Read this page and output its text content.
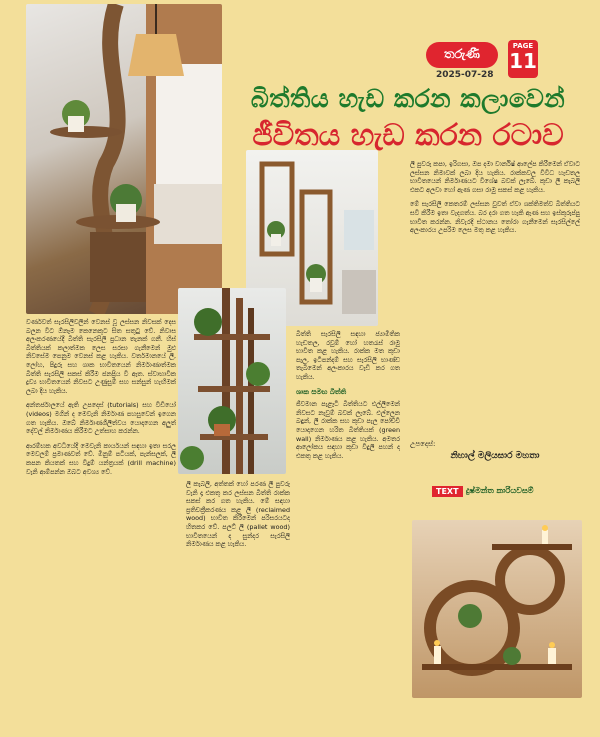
තරුණී
2025-07-28
PAGE
11
බිත්තිය හැඩ කරන කලාවෙන්
ජීවිතය හැඩ කරන රටාව

වර්ණවත් සැරසිලිවලින් වෙනස් වූ ලස්සන නිවසක් දෙස බලන විට ඕනෑම කෙනෙකුට සිත සතුටු වේ. නිවාස අලංකරණයේදී බිත්ති සැරසිලි ප්‍රධාන තැනක් ගනී. හිස් බිත්තියක් කලාත්මක ලෙස සරසා ගැනීමෙන් මුළු නිවසේම පෙනුම වෙනස් කළ හැකිය. වර්තමානයේ ලී, ලෝහ, පිදුරු සහ ශාක භාවිතයෙන් නිර්මාණාත්මක බිත්ති සැරසිලි සකස් කිරීම ජනප්‍රිය වී ඇත. ස්වාභාවික ද්‍රව්‍ය භාවිතයෙන් නිවසට උණුසුම් සහ සන්සුන් හැඟීමක් ලබා දිය හැකිය.

අන්තර්ජාලයේ ඇති උපදෙස් (tutorials) සහ වීඩියෝ (videos) මගින් ද මෙවැනි නිර්මාණ පහසුවෙන් ඉගෙන ගත හැකිය. ඔබේ නිර්මාණශීලීත්වය යොදාගෙන අලුත් දේවල් නිර්මාණය කිරීමට උත්සාහ කරන්න.

ආරම්භක අවධියේදී මෙවැනි කාර්යයන් සඳහා ඉතා සරල මෙවලම් ප්‍රමාණවත් වේ. මිනුම් පටියක්, පැන්සලක්, ලී කපන කියතක් සහ විදුම් යන්ත්‍රයක් (drill machine) වැනි ආම්පන්න ඔබට අවශ්‍ය වේ.

ලී කැබලි, අත්තක් හෝ පරණ ලී පුවරු වැනි දෑ එකතු කර ලස්සන බිත්ති රාක්ක සකස් කර ගත හැකිය. මේ සඳහා ප්‍රතිචක්‍රීකරණය කළ ලී (reclaimed wood) භාවිත කිරීමෙන් පරිසරයටද හිතකර වේ. පලට් ලී (pallet wood) භාවිතයෙන් ද සුන්දර සැරසිලි නිර්මාණය කළ හැකිය.

බිත්ති සැරසිලි සඳහා ජ්‍යාමිතික හැඩතල, රවුම් හෝ හතරැස් රාමු භාවිත කළ හැකිය. රාක්ක මත කුඩා පැල, ඉටිපන්දම් සහ සැරසිලි භාණ්ඩ තැබීමෙන් අලංකාරය වැඩි කර ගත හැකිය.

ශාක සමඟ බිත්ති

ජීවමාන පැළෑටි බිත්තියට එල්ලීමෙන් නිවසට නැවුම් බවක් ලැබේ. එල්ලෙන බඳුන්, ලී රාක්ක සහ කුඩා පැල පෝච්චි යොදාගෙන හරිත බිත්තියක් (green wall) නිර්මාණය කළ හැකිය. අමතර ආලෝකය සඳහා කුඩා විදුලි පහන් ද එකතු කළ හැකිය.

ලී පුවරු කපා, ඉරිගසා, ඔප දමා වාර්නිෂ් ආලේප කිරීමෙන් ඒවාට ලස්සන නිමාවක් ලබා දිය හැකිය. රාක්කවල විවිධ හැඩතල භාවිතයෙන් නිර්මාණයට විශේෂ බවක් ලැබේ. කුඩා ලී කැබලි එකට අලවා හෝ ඇණ ගසා රාමු සකස් කළ හැකිය.

මේ සැරසිලි කෙතරම් ලස්සන වුවත් ඒවා ශක්තිමත්ව බිත්තියට සවි කිරීම ඉතා වැදගත්ය. බර දරා ගත හැකි ඇණ සහ ඉස්කුරුප්පු භාවිත කරන්න. නිවැරදි ස්ථානය තෝරා ගැනීමෙන් සැරසිල්ලේ අලංකාරය උපරිම ලෙස මතු කළ හැකිය.

උපදෙස්:
නිහාල් මලියසාර මහතා
TEXT දුෂ්මන්ත කාරියවසම්
